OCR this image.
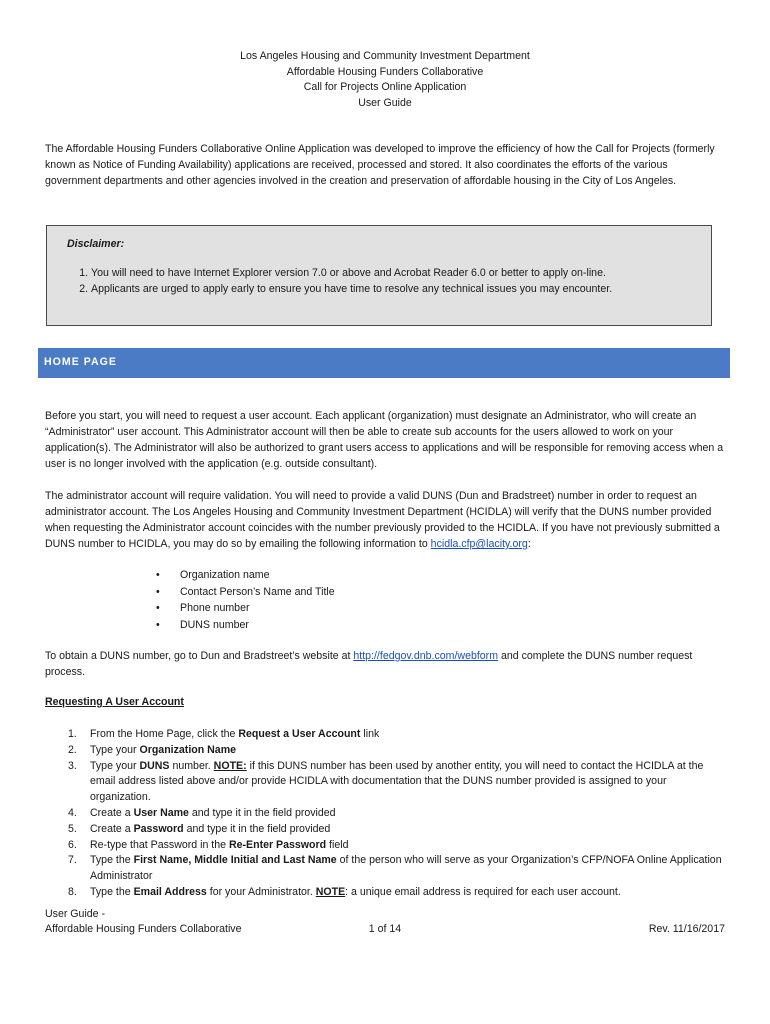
Los Angeles Housing and Community Investment Department
Affordable Housing Funders Collaborative
Call for Projects Online Application
User Guide
The Affordable Housing Funders Collaborative Online Application was developed to improve the efficiency of how the Call for Projects (formerly known as Notice of Funding Availability) applications are received, processed and stored. It also coordinates the efforts of the various government departments and other agencies involved in the creation and preservation of affordable housing in the City of Los Angeles.
Disclaimer:
1. You will need to have Internet Explorer version 7.0 or above and Acrobat Reader 6.0 or better to apply on-line.
2. Applicants are urged to apply early to ensure you have time to resolve any technical issues you may encounter.
HOME PAGE
Before you start, you will need to request a user account. Each applicant (organization) must designate an Administrator, who will create an “Administrator” user account. This Administrator account will then be able to create sub accounts for the users allowed to work on your application(s). The Administrator will also be authorized to grant users access to applications and will be responsible for removing access when a user is no longer involved with the application (e.g. outside consultant).
The administrator account will require validation. You will need to provide a valid DUNS (Dun and Bradstreet) number in order to request an administrator account. The Los Angeles Housing and Community Investment Department (HCIDLA) will verify that the DUNS number provided when requesting the Administrator account coincides with the number previously provided to the HCIDLA. If you have not previously submitted a DUNS number to HCIDLA, you may do so by emailing the following information to hcidla.cfp@lacity.org:
• Organization name
• Contact Person’s Name and Title
• Phone number
• DUNS number
To obtain a DUNS number, go to Dun and Bradstreet’s website at http://fedgov.dnb.com/webform and complete the DUNS number request process.
Requesting A User Account
1. From the Home Page, click the Request a User Account link
2. Type your Organization Name
3. Type your DUNS number. NOTE: if this DUNS number has been used by another entity, you will need to contact the HCIDLA at the email address listed above and/or provide HCIDLA with documentation that the DUNS number provided is assigned to your organization.
4. Create a User Name and type it in the field provided
5. Create a Password and type it in the field provided
6. Re-type that Password in the Re-Enter Password field
7. Type the First Name, Middle Initial and Last Name of the person who will serve as your Organization’s CFP/NOFA Online Application Administrator
8. Type the Email Address for your Administrator. NOTE: a unique email address is required for each user account.
User Guide -
Affordable Housing Funders Collaborative	1 of 14	Rev. 11/16/2017
